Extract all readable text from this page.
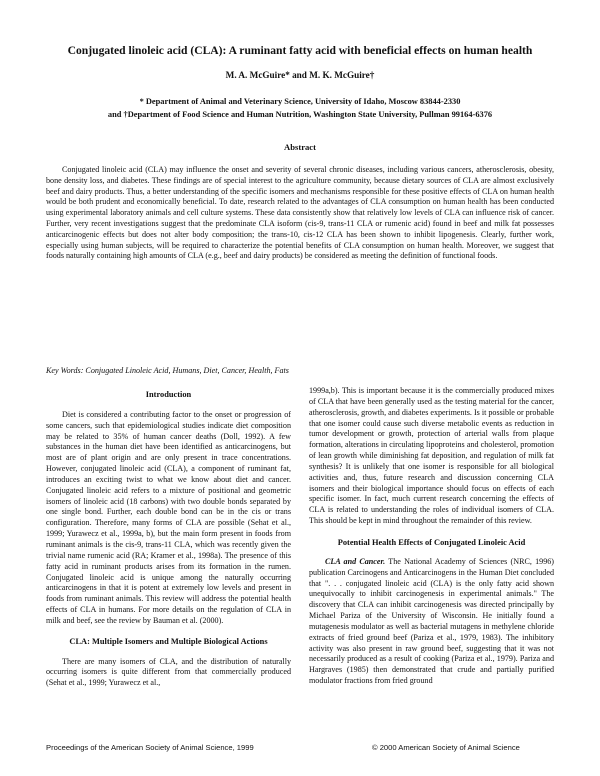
Conjugated linoleic acid (CLA): A ruminant fatty acid with beneficial effects on human health
M. A. McGuire* and M. K. McGuire†
* Department of Animal and Veterinary Science, University of Idaho, Moscow 83844-2330
and †Department of Food Science and Human Nutrition, Washington State University, Pullman 99164-6376
Abstract

Conjugated linoleic acid (CLA) may influence the onset and severity of several chronic diseases, including various cancers, atherosclerosis, obesity, bone density loss, and diabetes. These findings are of special interest to the agriculture community, because dietary sources of CLA are almost exclusively beef and dairy products. Thus, a better understanding of the specific isomers and mechanisms responsible for these positive effects of CLA on human health would be both prudent and economically beneficial. To date, research related to the advantages of CLA consumption on human health has been conducted using experimental laboratory animals and cell culture systems. These data consistently show that relatively low levels of CLA can influence risk of cancer. Further, very recent investigations suggest that the predominate CLA isoform (cis-9, trans-11 CLA or rumenic acid) found in beef and milk fat possesses anticarcinogenic effects but does not alter body composition; the trans-10, cis-12 CLA has been shown to inhibit lipogenesis. Clearly, further work, especially using human subjects, will be required to characterize the potential benefits of CLA consumption on human health. Moreover, we suggest that foods naturally containing high amounts of CLA (e.g., beef and dairy products) be considered as meeting the definition of functional foods.

Key Words: Conjugated Linoleic Acid, Humans, Diet, Cancer, Health, Fats

Introduction

Diet is considered a contributing factor to the onset or progression of some cancers, such that epidemiological studies indicate diet composition may be related to 35% of human cancer deaths (Doll, 1992). A few substances in the human diet have been identified as anticarcinogens, but most are of plant origin and are only present in trace concentrations. However, conjugated linoleic acid (CLA), a component of ruminant fat, introduces an exciting twist to what we know about diet and cancer. Conjugated linoleic acid refers to a mixture of positional and geometric isomers of linoleic acid (18 carbons) with two double bonds separated by one single bond. Further, each double bond can be in the cis or trans configuration. Therefore, many forms of CLA are possible (Sehat et al., 1999; Yurawecz et al., 1999a, b), but the main form present in foods from ruminant animals is the cis-9, trans-11 CLA, which was recently given the trivial name rumenic acid (RA; Kramer et al., 1998a). The presence of this fatty acid in ruminant products arises from its formation in the rumen. Conjugated linoleic acid is unique among the naturally occurring anticarcinogens in that it is potent at extremely low levels and present in foods from ruminant animals. This review will address the potential health effects of CLA in humans. For more details on the regulation of CLA in milk and beef, see the review by Bauman et al. (2000).

CLA: Multiple Isomers and Multiple Biological Actions

There are many isomers of CLA, and the distribution of naturally occurring isomers is quite different from that commercially produced (Sehat et al., 1999; Yurawecz et al.,

1999a,b). This is important because it is the commercially produced mixes of CLA that have been generally used as the testing material for the cancer, atherosclerosis, growth, and diabetes experiments. Is it possible or probable that one isomer could cause such diverse metabolic events as reduction in tumor development or growth, protection of arterial walls from plaque formation, alterations in circulating lipoproteins and cholesterol, promotion of lean growth while diminishing fat deposition, and regulation of milk fat synthesis? It is unlikely that one isomer is responsible for all biological activities and, thus, future research and discussion concerning CLA isomers and their biological importance should focus on effects of each specific isomer. In fact, much current research concerning the effects of CLA is related to understanding the roles of individual isomers of CLA. This should be kept in mind throughout the remainder of this review.

Potential Health Effects of Conjugated Linoleic Acid

CLA and Cancer. The National Academy of Sciences (NRC, 1996) publication Carcinogens and Anticarcinogens in the Human Diet concluded that ". . . conjugated linoleic acid (CLA) is the only fatty acid shown unequivocally to inhibit carcinogenesis in experimental animals." The discovery that CLA can inhibit carcinogenesis was directed principally by Michael Pariza of the University of Wisconsin. He initially found a mutagenesis modulator as well as bacterial mutagens in methylene chloride extracts of fried ground beef (Pariza et al., 1979, 1983). The inhibitory activity was also present in raw ground beef, suggesting that it was not necessarily produced as a result of cooking (Pariza et al., 1979). Pariza and Hargraves (1985) then demonstrated that crude and partially purified modulator fractions from fried ground

Proceedings of the American Society of Animal Science, 1999	© 2000 American Society of Animal Science
